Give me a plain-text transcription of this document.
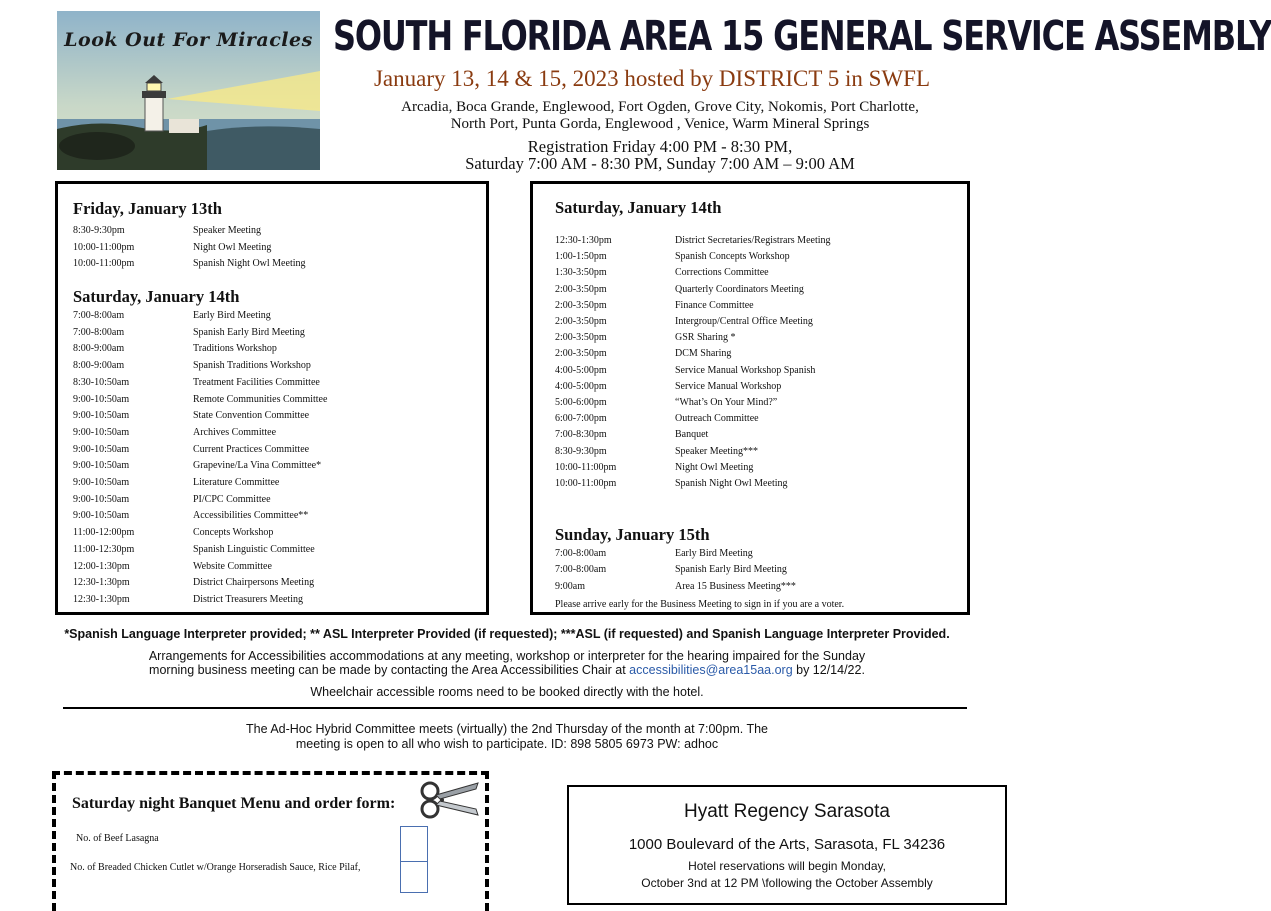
Look Out For Miracles SOUTH FLORIDA AREA 15 GENERAL SERVICE ASSEMBLY
January 13, 14 & 15, 2023 hosted by DISTRICT 5 in SWFL
Arcadia, Boca Grande, Englewood, Fort Ogden, Grove City, Nokomis, Port Charlotte,
North Port, Punta Gorda, Englewood , Venice, Warm Mineral Springs
Registration Friday 4:00 PM - 8:30 PM,
Saturday 7:00 AM - 8:30 PM, Sunday 7:00 AM – 9:00 AM
Friday, January 13th
8:30-9:30pm	Speaker Meeting
10:00-11:00pm	Night Owl Meeting
10:00-11:00pm	Spanish Night Owl Meeting
Saturday, January 14th
7:00-8:00am	Early Bird Meeting
7:00-8:00am	Spanish Early Bird Meeting
8:00-9:00am	Traditions Workshop
8:00-9:00am	Spanish Traditions Workshop
8:30-10:50am	Treatment Facilities Committee
9:00-10:50am	Remote Communities Committee
9:00-10:50am	State Convention Committee
9:00-10:50am	Archives Committee
9:00-10:50am	Current Practices Committee
9:00-10:50am	Grapevine/La Vina Committee*
9:00-10:50am	Literature Committee
9:00-10:50am	PI/CPC Committee
9:00-10:50am	Accessibilities Committee**
11:00-12:00pm	Concepts Workshop
11:00-12:30pm	Spanish Linguistic Committee
12:00-1:30pm	Website Committee
12:30-1:30pm	District Chairpersons Meeting
12:30-1:30pm	District Treasurers Meeting
Saturday, January 14th
12:30-1:30pm	District Secretaries/Registrars Meeting
1:00-1:50pm	Spanish Concepts Workshop
1:30-3:50pm	Corrections Committee
2:00-3:50pm	Quarterly Coordinators Meeting
2:00-3:50pm	Finance Committee
2:00-3:50pm	Intergroup/Central Office Meeting
2:00-3:50pm	GSR Sharing *
2:00-3:50pm	DCM Sharing
4:00-5:00pm	Service Manual Workshop Spanish
4:00-5:00pm	Service Manual Workshop
5:00-6:00pm	“What’s On Your Mind?”
6:00-7:00pm	Outreach Committee
7:00-8:30pm	Banquet
8:30-9:30pm	Speaker Meeting***
10:00-11:00pm	Night Owl Meeting
10:00-11:00pm	Spanish Night Owl Meeting
Sunday, January 15th
7:00-8:00am	Early Bird Meeting
7:00-8:00am	Spanish Early Bird Meeting
9:00am	Area 15 Business Meeting***
Please arrive early for the Business Meeting to sign in if you are a voter.
*Spanish Language Interpreter provided; ** ASL Interpreter Provided (if requested); ***ASL (if requested) and Spanish Language Interpreter Provided.
Arrangements for Accessibilities accommodations at any meeting, workshop or interpreter for the hearing impaired for the Sunday
morning business meeting can be made by contacting the Area Accessibilities Chair at accessibilities@area15aa.org by 12/14/22.
Wheelchair accessible rooms need to be booked directly with the hotel.
The Ad-Hoc Hybrid Committee meets (virtually) the 2nd Thursday of the month at 7:00pm. The
meeting is open to all who wish to participate. ID: 898 5805 6973 PW: adhoc
Saturday night Banquet Menu and order form:
No. of Beef Lasagna
No. of Breaded Chicken Cutlet w/Orange Horseradish Sauce, Rice Pilaf,
Hyatt Regency Sarasota
1000 Boulevard of the Arts, Sarasota, FL 34236
Hotel reservations will begin Monday,
October 3nd at 12 PM \following the October Assembly
